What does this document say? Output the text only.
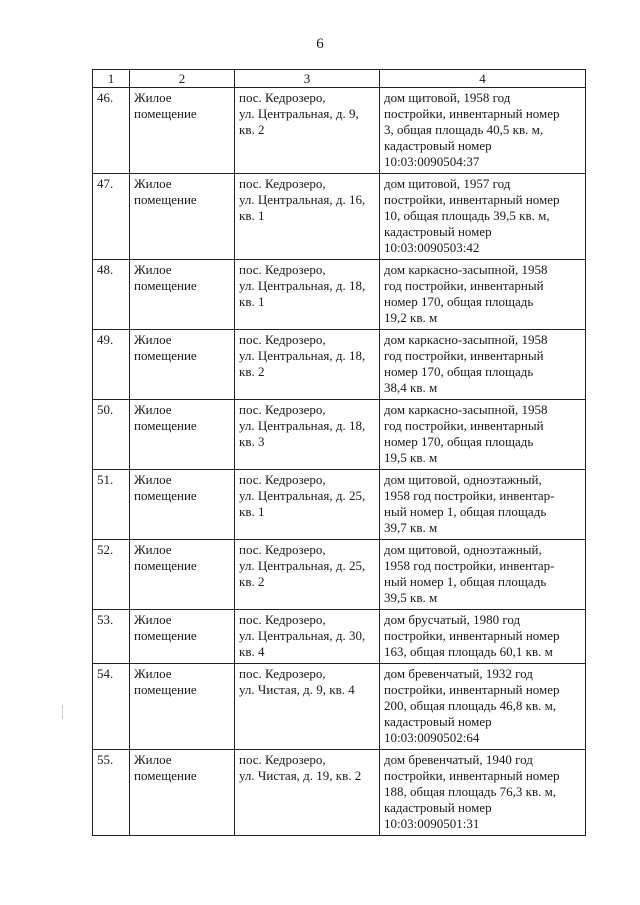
6
1	2	3	4
46.	Жилое
помещение	пос. Кедрозеро,
ул. Центральная, д. 9,
кв. 2	дом щитовой, 1958 год
постройки, инвентарный номер
3, общая площадь 40,5 кв. м,
кадастровый номер
10:03:0090504:37

47.	Жилое
помещение	пос. Кедрозеро,
ул. Центральная, д. 16,
кв. 1	дом щитовой, 1957 год
постройки, инвентарный номер
10, общая площадь 39,5 кв. м,
кадастровый номер
10:03:0090503:42

48.	Жилое
помещение	пос. Кедрозеро,
ул. Центральная, д. 18,
кв. 1	дом каркасно-засыпной, 1958
год постройки, инвентарный
номер 170, общая площадь
19,2 кв. м

49.	Жилое
помещение	пос. Кедрозеро,
ул. Центральная, д. 18,
кв. 2	дом каркасно-засыпной, 1958
год постройки, инвентарный
номер 170, общая площадь
38,4 кв. м

50.	Жилое
помещение	пос. Кедрозеро,
ул. Центральная, д. 18,
кв. 3	дом каркасно-засыпной, 1958
год постройки, инвентарный
номер 170, общая площадь
19,5 кв. м

51.	Жилое
помещение	пос. Кедрозеро,
ул. Центральная, д. 25,
кв. 1	дом щитовой, одноэтажный,
1958 год постройки, инвентар-
ный номер 1, общая площадь
39,7 кв. м

52.	Жилое
помещение	пос. Кедрозеро,
ул. Центральная, д. 25,
кв. 2	дом щитовой, одноэтажный,
1958 год постройки, инвентар-
ный номер 1, общая площадь
39,5 кв. м

53.	Жилое
помещение	пос. Кедрозеро,
ул. Центральная, д. 30,
кв. 4	дом брусчатый, 1980 год
постройки, инвентарный номер
163, общая площадь 60,1 кв. м

54.	Жилое
помещение	пос. Кедрозеро,
ул. Чистая, д. 9, кв. 4	дом бревенчатый, 1932 год
постройки, инвентарный номер
200, общая площадь 46,8 кв. м,
кадастровый номер
10:03:0090502:64

55.	Жилое
помещение	пос. Кедрозеро,
ул. Чистая, д. 19, кв. 2	дом бревенчатый, 1940 год
постройки, инвентарный номер
188, общая площадь 76,3 кв. м,
кадастровый номер
10:03:0090501:31
